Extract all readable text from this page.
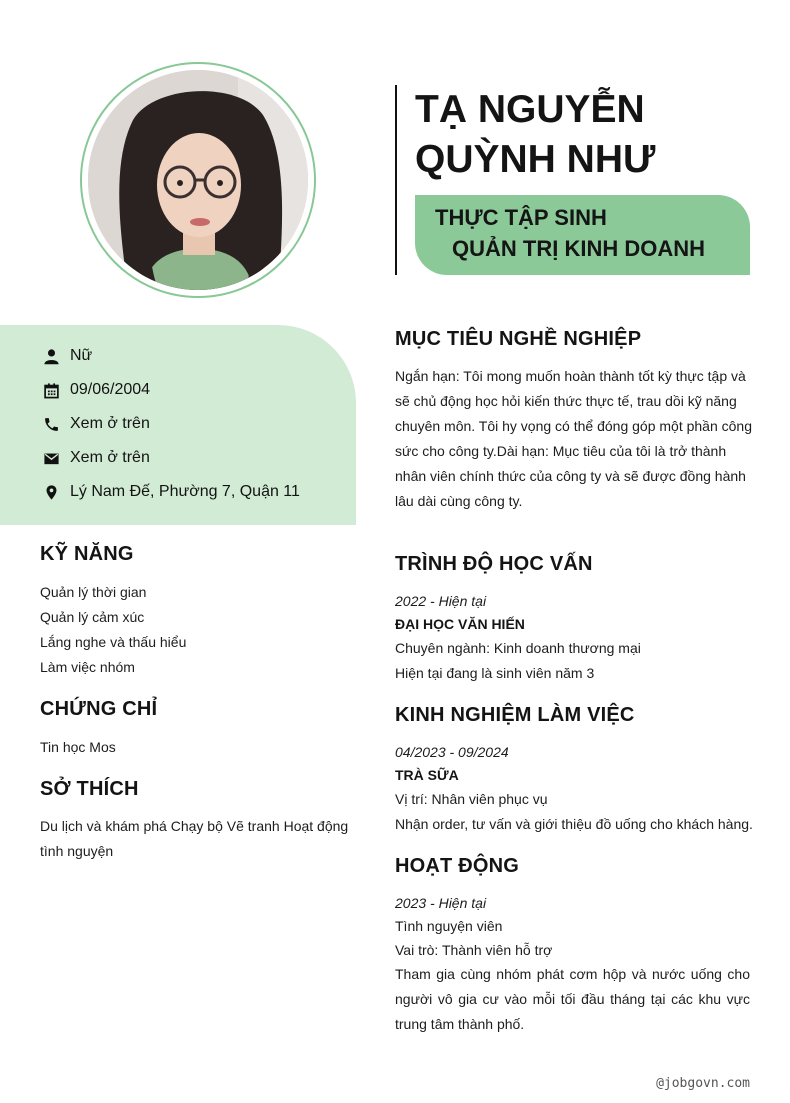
TẠ NGUYỄN
QUỲNH NHƯ
THỰC TẬP SINH
QUẢN TRỊ KINH DOANH
Nữ
09/06/2004
Xem ở trên
Xem ở trên
Lý Nam Đế, Phường 7, Quận 11
KỸ NĂNG
Quản lý thời gian
Quản lý cảm xúc
Lắng nghe và thấu hiểu
Làm việc nhóm
CHỨNG CHỈ
Tin học Mos
SỞ THÍCH
Du lịch và khám phá Chạy bộ Vẽ tranh Hoạt động
tình nguyện
MỤC TIÊU NGHỀ NGHIỆP
Ngắn hạn: Tôi mong muốn hoàn thành tốt kỳ thực tập và
sẽ chủ động học hỏi kiến thức thực tế, trau dồi kỹ năng
chuyên môn. Tôi hy vọng có thể đóng góp một phần công
sức cho công ty.Dài hạn: Mục tiêu của tôi là trở thành
nhân viên chính thức của công ty và sẽ được đồng hành
lâu dài cùng công ty.
TRÌNH ĐỘ HỌC VẤN
2022 - Hiện tại
ĐẠI HỌC VĂN HIẾN
Chuyên ngành: Kinh doanh thương mại
Hiện tại đang là sinh viên năm 3
KINH NGHIỆM LÀM VIỆC
04/2023 - 09/2024
TRÀ SỮA
Vị trí: Nhân viên phục vụ
Nhận order, tư vấn và giới thiệu đồ uống cho khách hàng.
HOẠT ĐỘNG
2023 - Hiện tại
Tình nguyện viên
Vai trò: Thành viên hỗ trợ
Tham gia cùng nhóm phát cơm hộp và nước uống cho
người vô gia cư vào mỗi tối đầu tháng tại các khu vực
trung tâm thành phố.
@jobgovn.com
